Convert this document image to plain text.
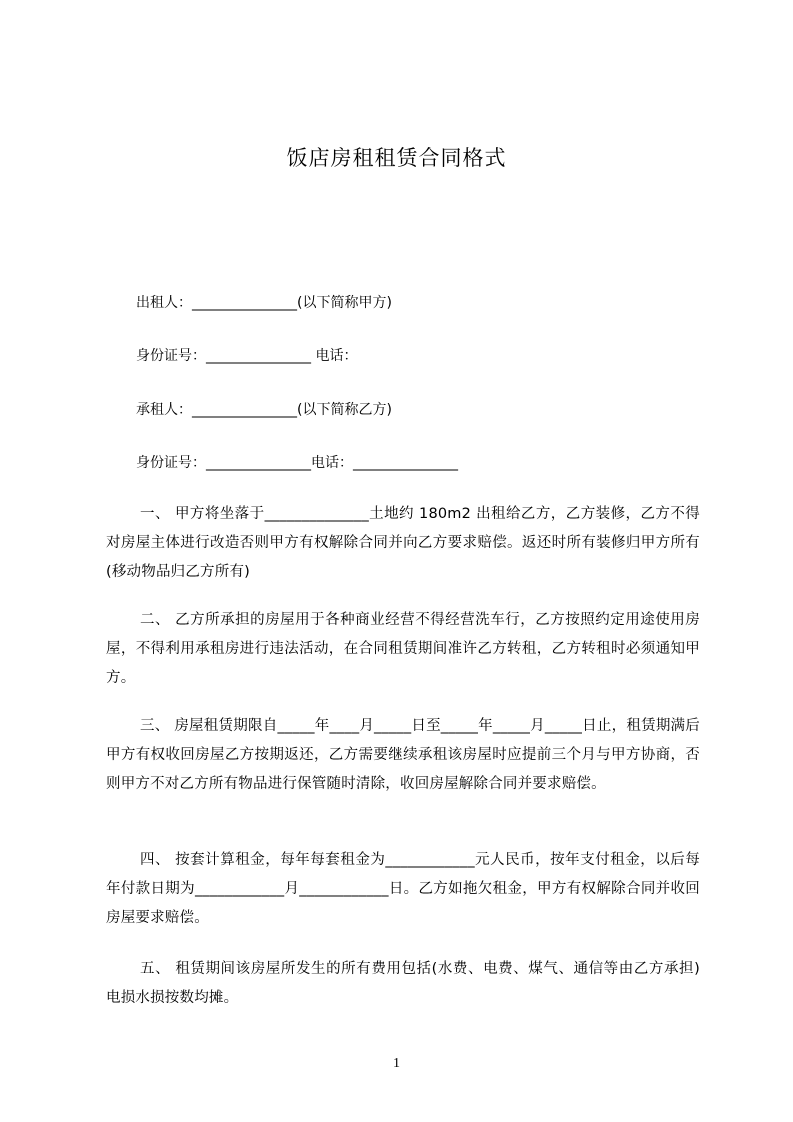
饭店房租租赁合同格式
出租人：_______________(以下简称甲方)
身份证号：_______________ 电话：
承租人：_______________(以下简称乙方)
身份证号：_______________电话：_______________
一、 甲方将坐落于______________土地约 180m2 出租给乙方，乙方装修，乙方不得对房屋主体进行改造否则甲方有权解除合同并向乙方要求赔偿。返还时所有装修归甲方所有(移动物品归乙方所有)
二、 乙方所承担的房屋用于各种商业经营不得经营洗车行，乙方按照约定用途使用房屋，不得利用承租房进行违法活动，在合同租赁期间准许乙方转租，乙方转租时必须通知甲方。
三、 房屋租赁期限自_____年____月_____日至_____年_____月_____日止，租赁期满后甲方有权收回房屋乙方按期返还，乙方需要继续承租该房屋时应提前三个月与甲方协商，否则甲方不对乙方所有物品进行保管随时清除，收回房屋解除合同并要求赔偿。
四、 按套计算租金，每年每套租金为____________元人民币，按年支付租金，以后每年付款日期为____________月____________日。乙方如拖欠租金，甲方有权解除合同并收回房屋要求赔偿。
五、 租赁期间该房屋所发生的所有费用包括(水费、电费、煤气、通信等由乙方承担)电损水损按数均摊。
1
